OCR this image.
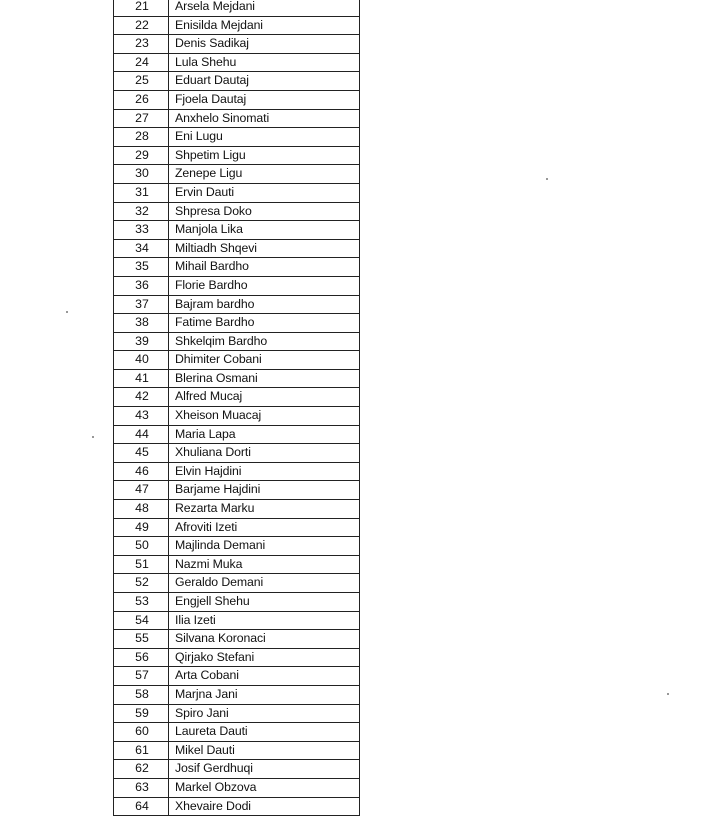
21	Arsela Mejdani
22	Enisilda Mejdani
23	Denis Sadikaj
24	Lula Shehu
25	Eduart Dautaj
26	Fjoela Dautaj
27	Anxhelo Sinomati
28	Eni Lugu
29	Shpetim Ligu
30	Zenepe Ligu
31	Ervin Dauti
32	Shpresa Doko
33	Manjola Lika
34	Miltiadh Shqevi
35	Mihail Bardho
36	Florie Bardho
37	Bajram bardho
38	Fatime Bardho
39	Shkelqim Bardho
40	Dhimiter Cobani
41	Blerina Osmani
42	Alfred Mucaj
43	Xheison Muacaj
44	Maria Lapa
45	Xhuliana Dorti
46	Elvin Hajdini
47	Barjame Hajdini
48	Rezarta Marku
49	Afroviti Izeti
50	Majlinda Demani
51	Nazmi Muka
52	Geraldo Demani
53	Engjell Shehu
54	Ilia Izeti
55	Silvana Koronaci
56	Qirjako Stefani
57	Arta Cobani
58	Marjna Jani
59	Spiro Jani
60	Laureta Dauti
61	Mikel Dauti
62	Josif Gerdhuqi
63	Markel Obzova
64	Xhevaire Dodi
